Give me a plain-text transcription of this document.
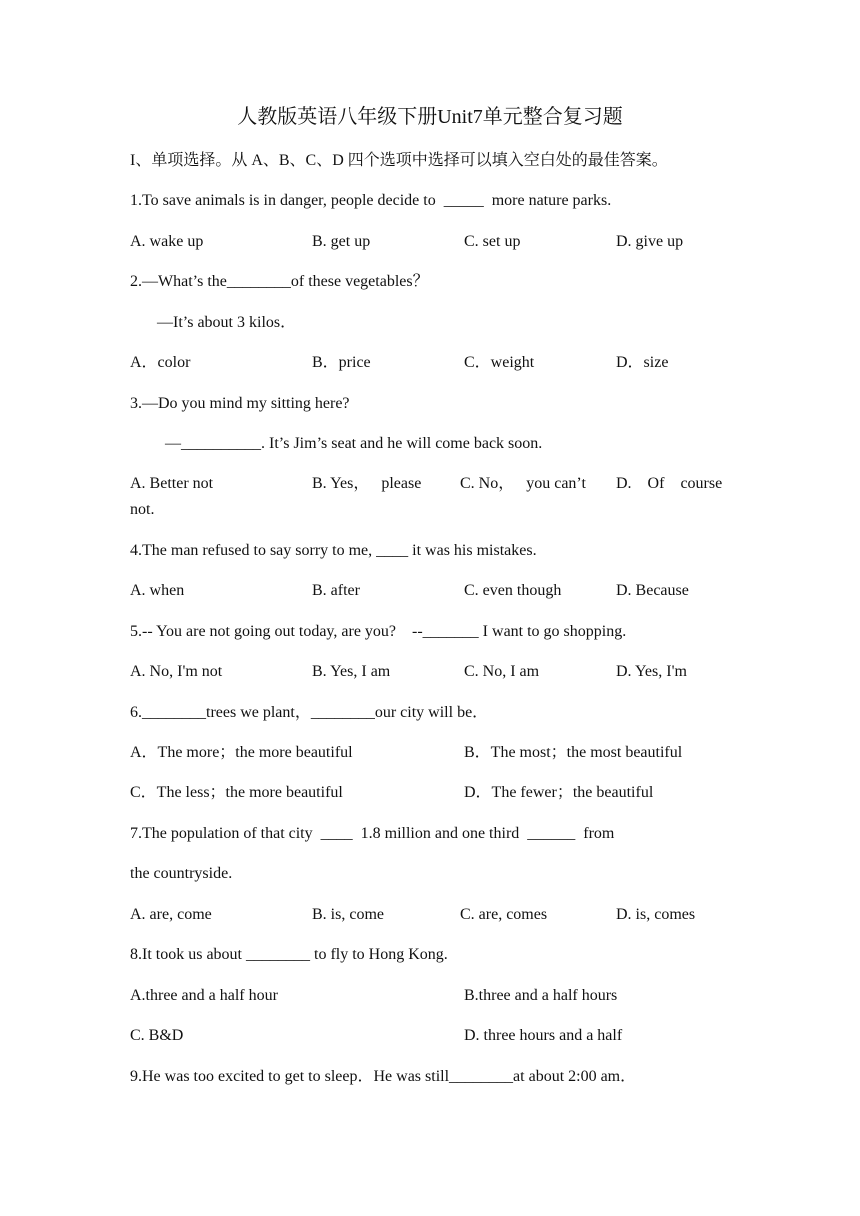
人教版英语八年级下册Unit7单元整合复习题
I、单项选择。从 A、B、C、D 四个选项中选择可以填入空白处的最佳答案。
1.To save animals is in danger, people decide to  _____  more nature parks.
A. wake up	B. get up	C. set up	D. give up
2.—What’s the________of these vegetables？
—It’s about 3 kilos．
A．color	B．price	C．weight	D．size
3.—Do you mind my sitting here?
—__________. It’s Jim’s seat and he will come back soon.
A. Better not	B. Yes，   please C. No，   you can’t D.    Of    course
not.
4.The man refused to say sorry to me, ____ it was his mistakes.
A. when	B. after	C. even though	D. Because
5.-- You are not going out today, are you?    --_______ I want to go shopping.
A. No, I'm not	B. Yes, I am	C. No, I am	D. Yes, I'm
6.________trees we plant，________our city will be．
A．The more；the more beautiful	B．The most；the most beautiful
C．The less；the more beautiful	D．The fewer；the beautiful
7.The population of that city  ____  1.8 million and one third  ______  from
the countryside.
A. are, come	B. is, come	C. are, comes	D. is, comes
8.It took us about ________ to fly to Hong Kong.
A.three and a half hour	B.three and a half hours
C. B&D	D. three hours and a half
9.He was too excited to get to sleep．He was still________at about 2:00 am．
